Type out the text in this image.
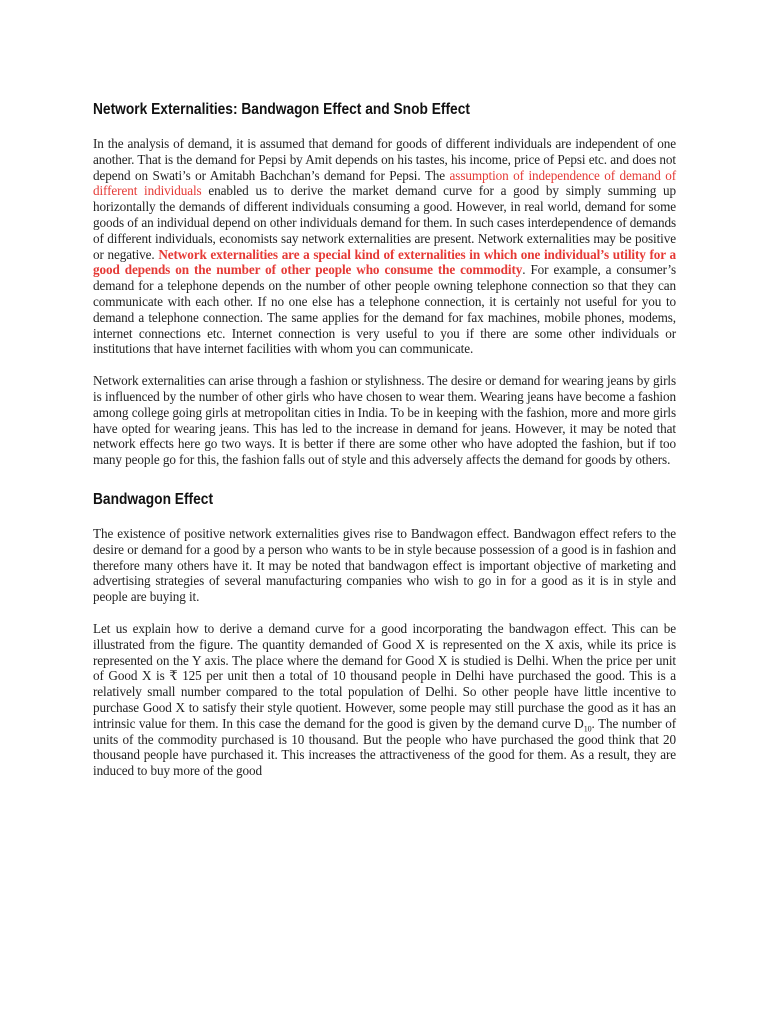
Network Externalities: Bandwagon Effect and Snob Effect

In the analysis of demand, it is assumed that demand for goods of different individuals are independent of one another. That is the demand for Pepsi by Amit depends on his tastes, his income, price of Pepsi etc. and does not depend on Swati’s or Amitabh Bachchan’s demand for Pepsi. The assumption of independence of demand of different individuals enabled us to derive the market demand curve for a good by simply summing up horizontally the demands of different individuals consuming a good. However, in real world, demand for some goods of an individual depend on other individuals demand for them. In such cases interdependence of demands of different individuals, economists say network externalities are present. Network externalities may be positive or negative. Network externalities are a special kind of externalities in which one individual’s utility for a good depends on the number of other people who consume the commodity. For example, a consumer’s demand for a telephone depends on the number of other people owning telephone connection so that they can communicate with each other. If no one else has a telephone connection, it is certainly not useful for you to demand a telephone connection. The same applies for the demand for fax machines, mobile phones, modems, internet connections etc. Internet connection is very useful to you if there are some other individuals or institutions that have internet facilities with whom you can communicate.

Network externalities can arise through a fashion or stylishness. The desire or demand for wearing jeans by girls is influenced by the number of other girls who have chosen to wear them. Wearing jeans have become a fashion among college going girls at metropolitan cities in India. To be in keeping with the fashion, more and more girls have opted for wearing jeans. This has led to the increase in demand for jeans. However, it may be noted that network effects here go two ways. It is better if there are some other who have adopted the fashion, but if too many people go for this, the fashion falls out of style and this adversely affects the demand for goods by others.

Bandwagon Effect

The existence of positive network externalities gives rise to Bandwagon effect. Bandwagon effect refers to the desire or demand for a good by a person who wants to be in style because possession of a good is in fashion and therefore many others have it. It may be noted that bandwagon effect is important objective of marketing and advertising strategies of several manufacturing companies who wish to go in for a good as it is in style and people are buying it.

Let us explain how to derive a demand curve for a good incorporating the bandwagon effect. This can be illustrated from the figure. The quantity demanded of Good X is represented on the X axis, while its price is represented on the Y axis. The place where the demand for Good X is studied is Delhi. When the price per unit of Good X is ₹ 125 per unit then a total of 10 thousand people in Delhi have purchased the good. This is a relatively small number compared to the total population of Delhi. So other people have little incentive to purchase Good X to satisfy their style quotient. However, some people may still purchase the good as it has an intrinsic value for them. In this case the demand for the good is given by the demand curve $D_{10}$. The number of units of the commodity purchased is 10 thousand. But the people who have purchased the good think that 20 thousand people have purchased it. This increases the attractiveness of the good for them. As a result, they are induced to buy more of the good
